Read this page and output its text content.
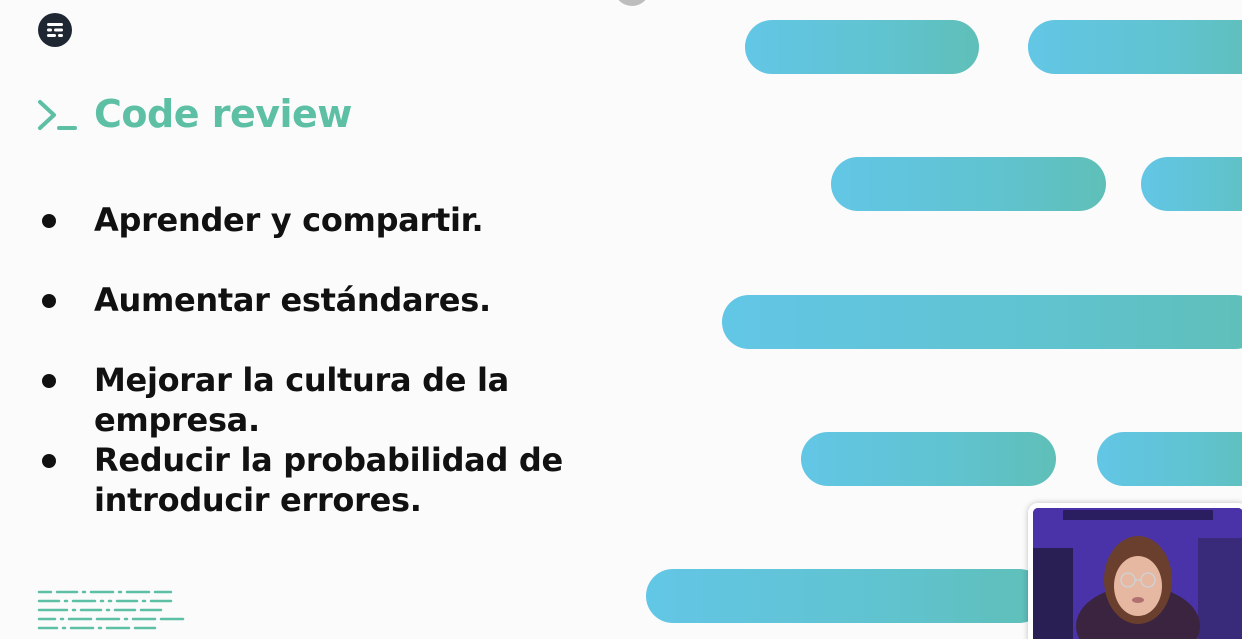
Code review
Aprender y compartir.
Aumentar estándares.
Mejorar la cultura de la empresa.
Reducir la probabilidad de introducir errores.
